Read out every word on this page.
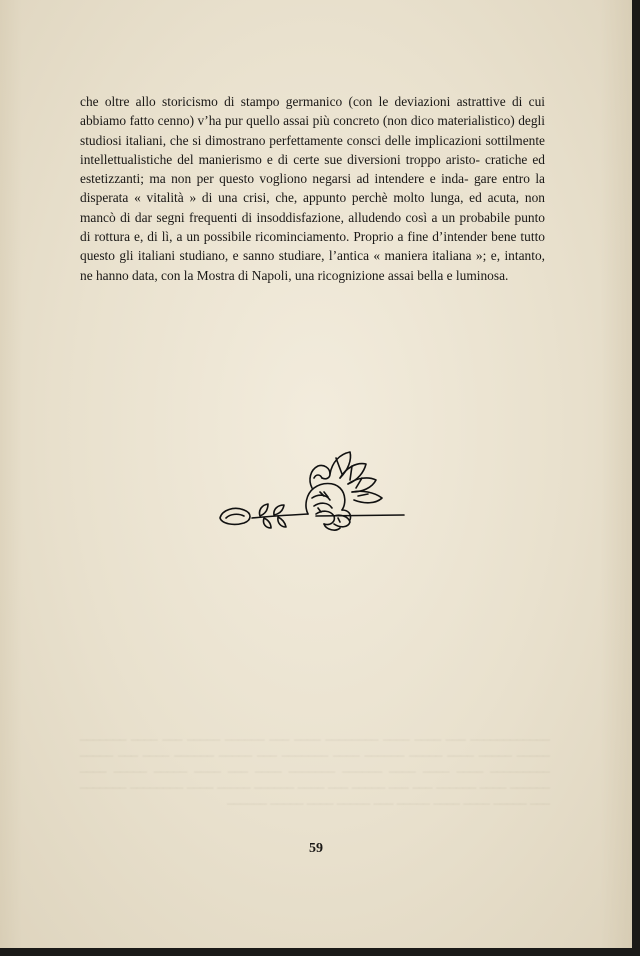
──────────── ─── ──── ──── ──────── ──── ─── ────── ───── ─── ──── ─────── ───── ───── ──── ───── ────── ──── ─────── ─── ───── ────── ──── ─── ───── ───────── ──── ──── ──── ────── ─────── ──── ─── ──── ───── ───── ──── ────── ──── ────── ─── ─── ───── ─── ──── ────── ───── ──── ──────── ─────── ─── ───── ──── ──── ───── ─── ───── ──── ───── ──────

che oltre allo storicismo di stampo germanico (con le deviazioni astrattive di cui abbiamo fatto cenno) v’ha pur quello assai più concreto (non dico materialistico) degli studiosi italiani, che si dimostrano perfettamente consci delle implicazioni sottilmente intellettualistiche del manierismo e di certe sue diversioni troppo aristo- cratiche ed estetizzanti; ma non per questo vogliono negarsi ad intendere e inda- gare entro la disperata « vitalità » di una crisi, che, appunto perchè molto lunga, ed acuta, non mancò di dar segni frequenti di insoddisfazione, alludendo così a un probabile punto di rottura e, di lì, a un possibile ricominciamento. Proprio a fine d’intender bene tutto questo gli italiani studiano, e sanno studiare, l’antica « maniera italiana »; e, intanto, ne hanno data, con la Mostra di Napoli, una ricognizione assai bella e luminosa.

59
